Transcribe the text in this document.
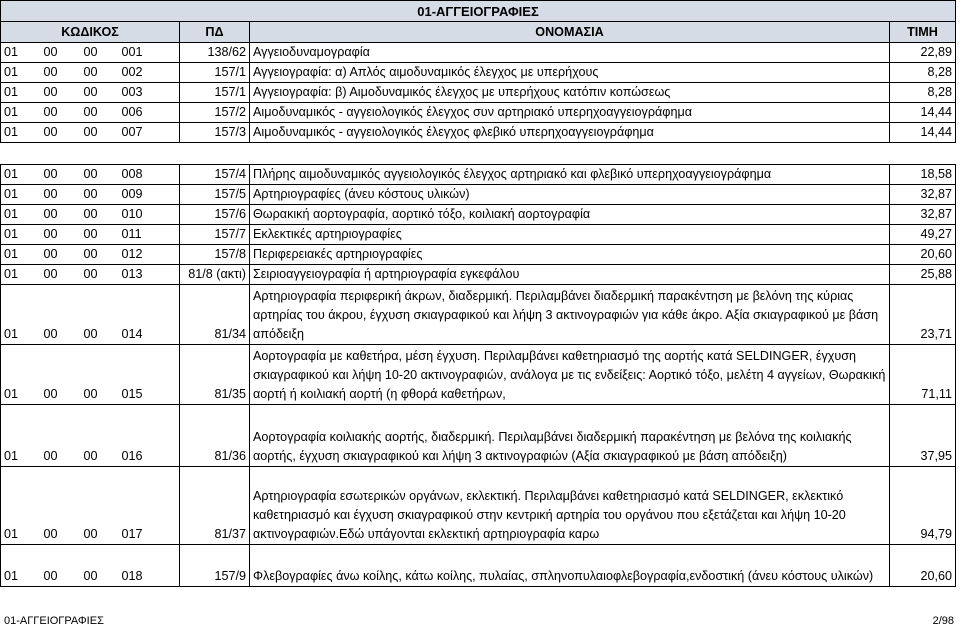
01-ΑΓΓΕΙΟΓΡΑΦΙΕΣ						
ΚΩΔΙΚΟΣ				ΠΔ	ΟΝΟΜΑΣΙΑ	ΤΙΜΗ
01	00	00	001	138/62	Αγγειοδυναμογραφία	22,89
01	00	00	002	157/1	Αγγειογραφία: α) Απλός αιμοδυναμικός έλεγχος με υπερήχους	8,28
01	00	00	003	157/1	Αγγειογραφία: β) Αιμοδυναμικός έλεγχος με υπερήχους κατόπιν κοπώσεως	8,28
01	00	00	006	157/2	Αιμοδυναμικός - αγγειολογικός έλεγχος συν αρτηριακό υπερηχοαγγειογράφημα	14,44
01	00	00	007	157/3	Αιμοδυναμικός - αγγειολογικός έλεγχος φλεβικό υπερηχοαγγειογράφημα	14,44

01	00	00	008	157/4	Πλήρης αιμοδυναμικός αγγειολογικός έλεγχος αρτηριακό και φλεβικό υπερηχοαγγειογράφημα	18,58
01	00	00	009	157/5	Αρτηριογραφίες (άνευ κόστους υλικών)	32,87
01	00	00	010	157/6	Θωρακική αορτογραφία, αορτικό τόξο, κοιλιακή αορτογραφία	32,87
01	00	00	011	157/7	Εκλεκτικές αρτηριογραφίες	49,27
01	00	00	012	157/8	Περιφερειακές αρτηριογραφίες	20,60
01	00	00	013	81/8 (ακτι)	Σειριοαγγειογραφία ή αρτηριογραφία εγκεφάλου	25,88
01	00	00	014	81/34	Αρτηριογραφία περιφερική άκρων, διαδερμική. Περιλαμβάνει διαδερμική παρακέντηση με βελόνη της κύριας αρτηρίας του άκρου, έγχυση σκιαγραφικού και λήψη 3 ακτινογραφιών για κάθε άκρο. Αξία σκιαγραφικού με βάση απόδειξη	23,71
01	00	00	015	81/35	Αορτογραφία με καθετήρα, μέση έγχυση. Περιλαμβάνει καθετηριασμό της αορτής κατά SELDINGER, έγχυση σκιαγραφικού και λήψη 10-20 ακτινογραφιών, ανάλογα με τις ενδείξεις: Αορτικό τόξο, μελέτη 4 αγγείων, Θωρακική αορτή ή κοιλιακή αορτή (η φθορά καθετήρων,	71,11
01	00	00	016	81/36	Αορτογραφία κοιλιακής αορτής, διαδερμική. Περιλαμβάνει διαδερμική παρακέντηση με βελόνα της κοιλιακής αορτής, έγχυση σκιαγραφικού και λήψη 3 ακτινογραφιών (Αξία σκιαγραφικού με βάση απόδειξη)	37,95
01	00	00	017	81/37	Αρτηριογραφία εσωτερικών οργάνων, εκλεκτική. Περιλαμβάνει καθετηριασμό κατά SELDINGER, εκλεκτικό καθετηριασμό και έγχυση σκιαγραφικού στην κεντρική αρτηρία του οργάνου που εξετάζεται και λήψη 10-20 ακτινογραφιών.Εδώ υπάγονται εκλεκτική αρτηριογραφία καρω	94,79
01	00	00	018	157/9	Φλεβογραφίες άνω κοίλης, κάτω κοίλης, πυλαίας, σπληνοπυλαιοφλεβογραφία,ενδοστική (άνευ κόστους υλικών)	20,60
01-ΑΓΓΕΙΟΓΡΑΦΙΕΣ	2/98
